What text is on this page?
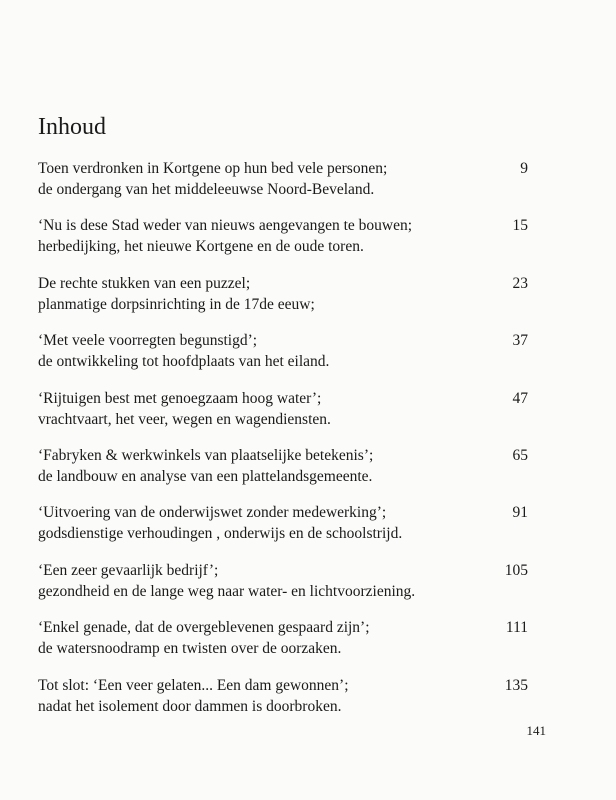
Inhoud
Toen verdronken in Kortgene op hun bed vele personen;
de ondergang van het middeleeuwse Noord-Beveland.
9
‘Nu is dese Stad weder van nieuws aengevangen te bouwen;
herbedijking, het nieuwe Kortgene en de oude toren.
15
De rechte stukken van een puzzel;
planmatige dorpsinrichting in de 17de eeuw;
23
‘Met veele voorregten begunstigd’;
de ontwikkeling tot hoofdplaats van het eiland.
37
‘Rijtuigen best met genoegzaam hoog water’;
vrachtvaart, het veer, wegen en wagendiensten.
47
‘Fabryken & werkwinkels van plaatselijke betekenis’;
de landbouw en analyse van een plattelandsgemeente.
65
‘Uitvoering van de onderwijswet zonder medewerking’;
godsdienstige verhoudingen , onderwijs en de schoolstrijd.
91
‘Een zeer gevaarlijk bedrijf’;
gezondheid en de lange weg naar water- en lichtvoorziening.
105
‘Enkel genade, dat de overgeblevenen gespaard zijn’;
de watersnoodramp en twisten over de oorzaken.
111
Tot slot: ‘Een veer gelaten... Een dam gewonnen’;
nadat het isolement door dammen is doorbroken.
135
141
